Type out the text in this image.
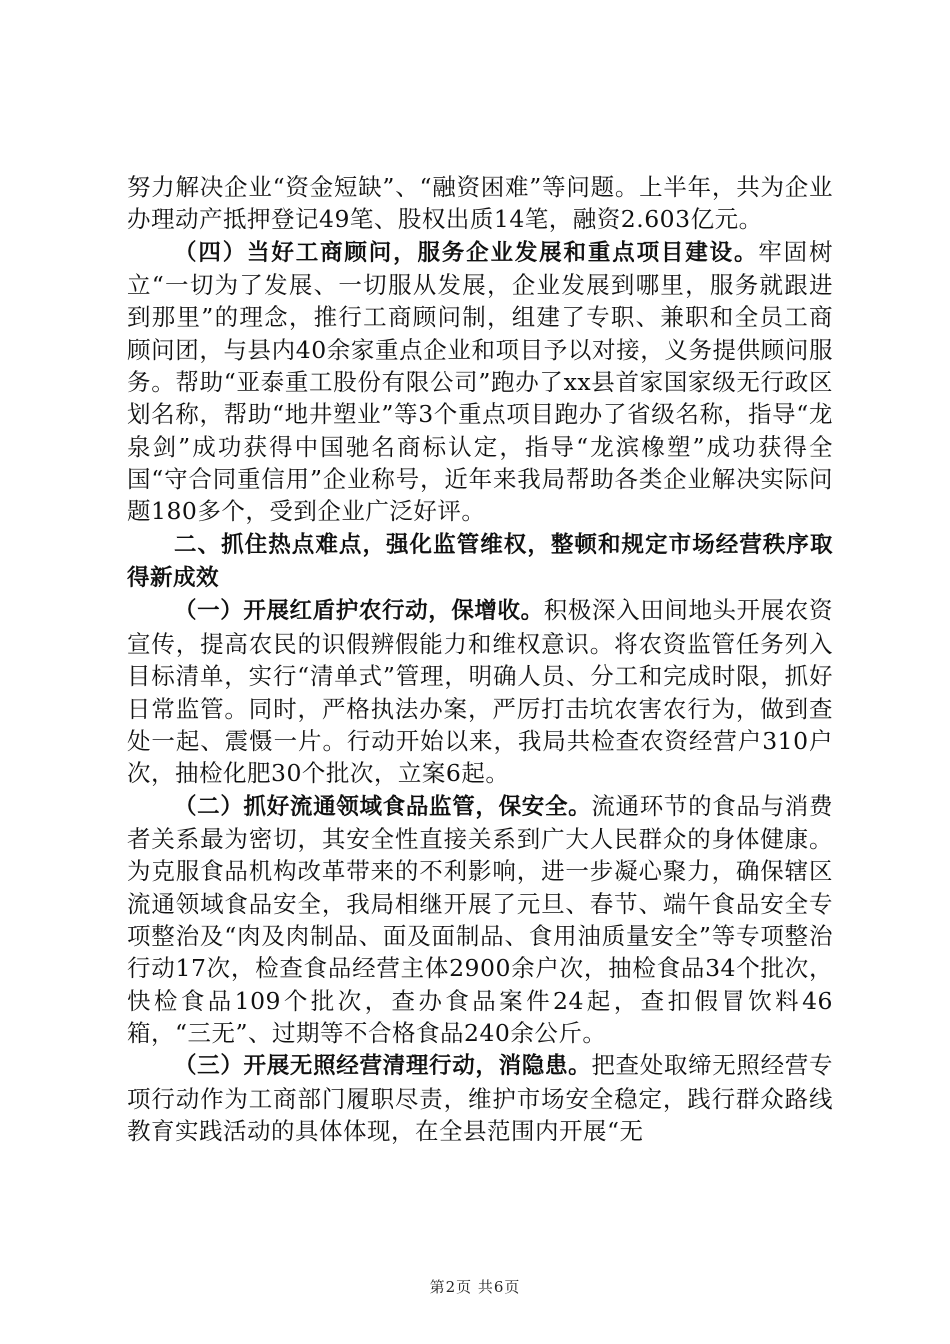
努力解决企业“资金短缺”、“融资困难”等问题。上半年，共为企业办理动产抵押登记49笔、股权出质14笔，融资2.603亿元。

（四）当好工商顾问，服务企业发展和重点项目建设。牢固树立“一切为了发展、一切服从发展，企业发展到哪里，服务就跟进到那里”的理念，推行工商顾问制，组建了专职、兼职和全员工商顾问团，与县内40余家重点企业和项目予以对接，义务提供顾问服务。帮助“亚泰重工股份有限公司”跑办了xx县首家国家级无行政区划名称，帮助“地井塑业”等3个重点项目跑办了省级名称，指导“龙泉剑”成功获得中国驰名商标认定，指导“龙滨橡塑”成功获得全国“守合同重信用”企业称号，近年来我局帮助各类企业解决实际问题180多个，受到企业广泛好评。

二、抓住热点难点，强化监管维权，整顿和规定市场经营秩序取得新成效

（一）开展红盾护农行动，保增收。积极深入田间地头开展农资宣传，提高农民的识假辨假能力和维权意识。将农资监管任务列入目标清单，实行“清单式”管理，明确人员、分工和完成时限，抓好日常监管。同时，严格执法办案，严厉打击坑农害农行为，做到查处一起、震慑一片。行动开始以来，我局共检查农资经营户310户次，抽检化肥30个批次，立案6起。

（二）抓好流通领域食品监管，保安全。流通环节的食品与消费者关系最为密切，其安全性直接关系到广大人民群众的身体健康。为克服食品机构改革带来的不利影响，进一步凝心聚力，确保辖区流通领域食品安全，我局相继开展了元旦、春节、端午食品安全专项整治及“肉及肉制品、面及面制品、食用油质量安全”等专项整治行动17次，检查食品经营主体2900余户次，抽检食品34个批次，快检食品109个批次，查办食品案件24起，查扣假冒饮料46箱，“三无”、过期等不合格食品240余公斤。

（三）开展无照经营清理行动，消隐患。把查处取缔无照经营专项行动作为工商部门履职尽责，维护市场安全稳定，践行群众路线教育实践活动的具体体现，在全县范围内开展“无

第2页 共6页
